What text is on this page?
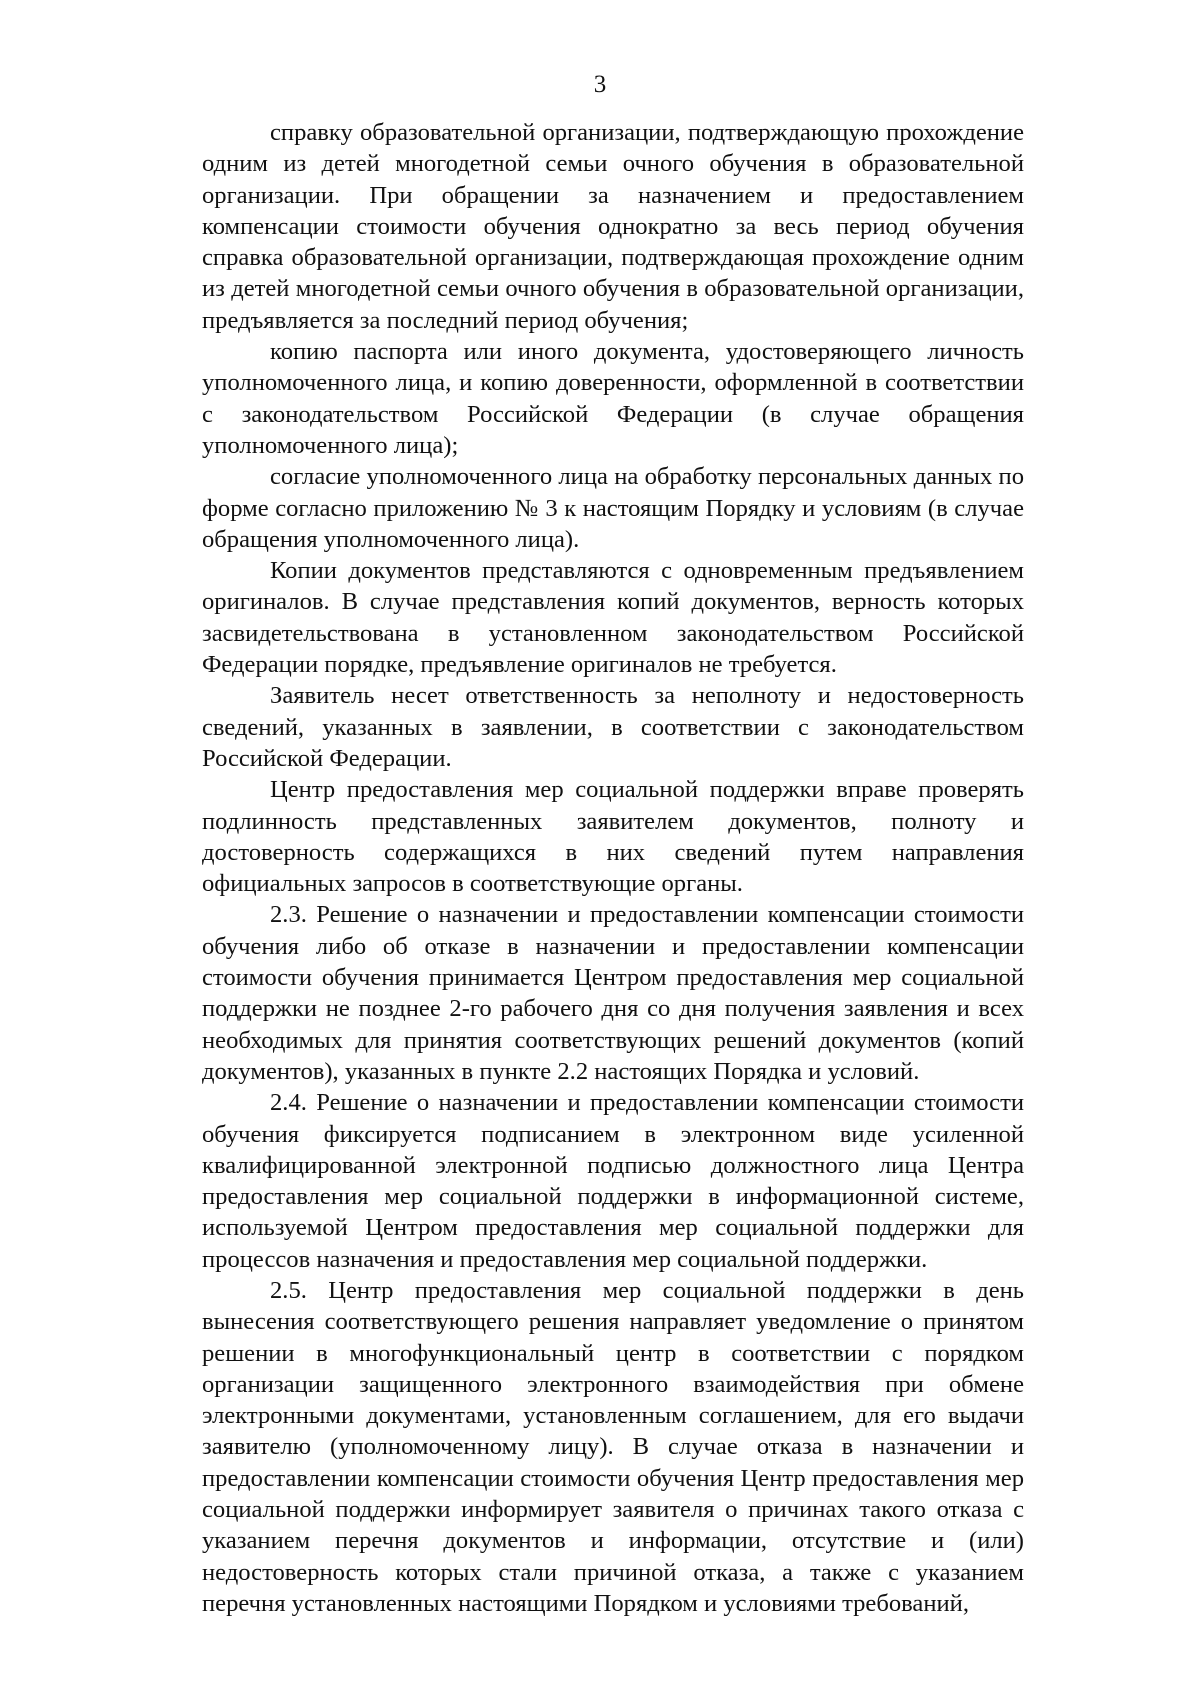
3

справку образовательной организации, подтверждающую прохождение одним из детей многодетной семьи очного обучения в образовательной организации. При обращении за назначением и предоставлением компенсации стоимости обучения однократно за весь период обучения справка образовательной организации, подтверждающая прохождение одним из детей многодетной семьи очного обучения в образовательной организации, предъявляется за последний период обучения;

копию паспорта или иного документа, удостоверяющего личность уполномоченного лица, и копию доверенности, оформленной в соответствии с законодательством Российской Федерации (в случае обращения уполномоченного лица);

согласие уполномоченного лица на обработку персональных данных по форме согласно приложению № 3 к настоящим Порядку и условиям (в случае обращения уполномоченного лица).

Копии документов представляются с одновременным предъявлением оригиналов. В случае представления копий документов, верность которых засвидетельствована в установленном законодательством Российской Федерации порядке, предъявление оригиналов не требуется.

Заявитель несет ответственность за неполноту и недостоверность сведений, указанных в заявлении, в соответствии с законодательством Российской Федерации.

Центр предоставления мер социальной поддержки вправе проверять подлинность представленных заявителем документов, полноту и достоверность содержащихся в них сведений путем направления официальных запросов в соответствующие органы.

2.3. Решение о назначении и предоставлении компенсации стоимости обучения либо об отказе в назначении и предоставлении компенсации стоимости обучения принимается Центром предоставления мер социальной поддержки не позднее 2-го рабочего дня со дня получения заявления и всех необходимых для принятия соответствующих решений документов (копий документов), указанных в пункте 2.2 настоящих Порядка и условий.

2.4. Решение о назначении и предоставлении компенсации стоимости обучения фиксируется подписанием в электронном виде усиленной квалифицированной электронной подписью должностного лица Центра предоставления мер социальной поддержки в информационной системе, используемой Центром предоставления мер социальной поддержки для процессов назначения и предоставления мер социальной поддержки.

2.5. Центр предоставления мер социальной поддержки в день вынесения соответствующего решения направляет уведомление о принятом решении в многофункциональный центр в соответствии с порядком организации защищенного электронного взаимодействия при обмене электронными документами, установленным соглашением, для его выдачи заявителю (уполномоченному лицу). В случае отказа в назначении и предоставлении компенсации стоимости обучения Центр предоставления мер социальной поддержки информирует заявителя о причинах такого отказа с указанием перечня документов и информации, отсутствие и (или) недостоверность которых стали причиной отказа, а также с указанием перечня установленных настоящими Порядком и условиями требований,
